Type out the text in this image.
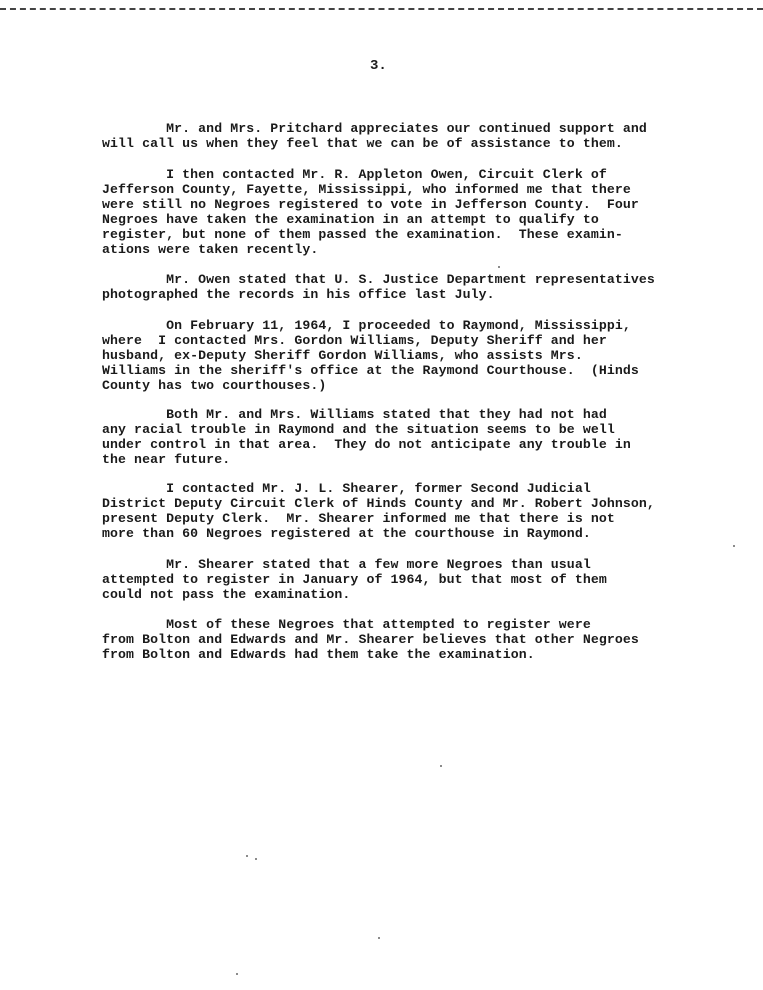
3.
Mr. and Mrs. Pritchard appreciates our continued support and
will call us when they feel that we can be of assistance to them.
I then contacted Mr. R. Appleton Owen, Circuit Clerk of
Jefferson County, Fayette, Mississippi, who informed me that there
were still no Negroes registered to vote in Jefferson County.  Four
Negroes have taken the examination in an attempt to qualify to
register, but none of them passed the examination.  These examin-
ations were taken recently.
Mr. Owen stated that U. S. Justice Department representatives
photographed the records in his office last July.
On February 11, 1964, I proceeded to Raymond, Mississippi,
where  I contacted Mrs. Gordon Williams, Deputy Sheriff and her
husband, ex-Deputy Sheriff Gordon Williams, who assists Mrs.
Williams in the sheriff's office at the Raymond Courthouse.  (Hinds
County has two courthouses.)
Both Mr. and Mrs. Williams stated that they had not had
any racial trouble in Raymond and the situation seems to be well
under control in that area.  They do not anticipate any trouble in
the near future.
I contacted Mr. J. L. Shearer, former Second Judicial
District Deputy Circuit Clerk of Hinds County and Mr. Robert Johnson,
present Deputy Clerk.  Mr. Shearer informed me that there is not
more than 60 Negroes registered at the courthouse in Raymond.
Mr. Shearer stated that a few more Negroes than usual
attempted to register in January of 1964, but that most of them
could not pass the examination.
Most of these Negroes that attempted to register were
from Bolton and Edwards and Mr. Shearer believes that other Negroes
from Bolton and Edwards had them take the examination.
